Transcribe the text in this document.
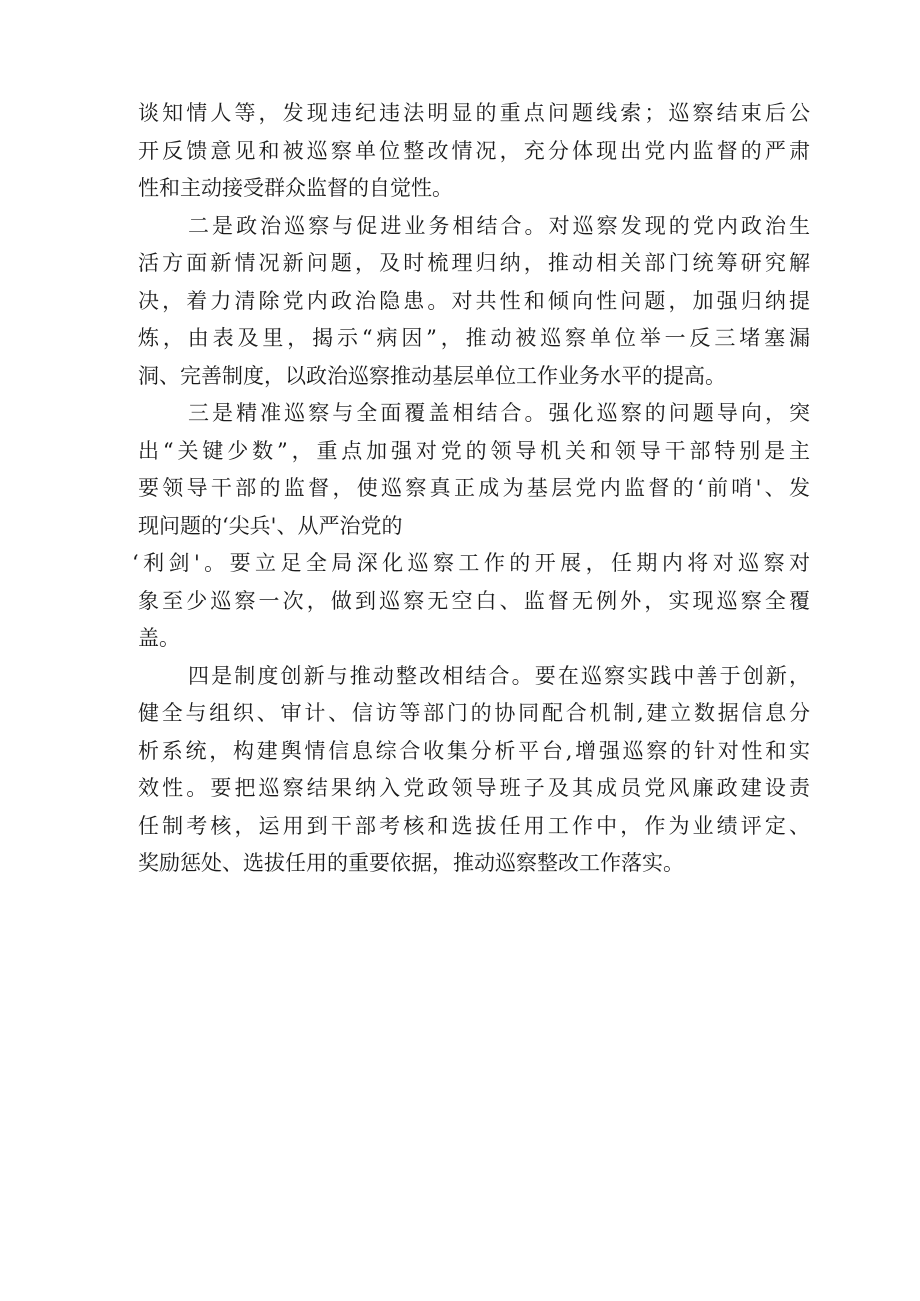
谈知情人等，发现违纪违法明显的重点问题线索；巡察结束后公
开反馈意见和被巡察单位整改情况，充分体现出党内监督的严肃
性和主动接受群众监督的自觉性。
二是政治巡察与促进业务相结合。对巡察发现的党内政治生
活方面新情况新问题，及时梳理归纳，推动相关部门统筹研究解
决，着力清除党内政治隐患。对共性和倾向性问题，加强归纳提
炼，由表及里，揭示“病因”，推动被巡察单位举一反三堵塞漏
洞、完善制度，以政治巡察推动基层单位工作业务水平的提高。
三是精准巡察与全面覆盖相结合。强化巡察的问题导向，突
出“关键少数”，重点加强对党的领导机关和领导干部特别是主
要领导干部的监督，使巡察真正成为基层党内监督的‘前哨'、发
现问题的‘尖兵'、从严治党的
‘利剑'。要立足全局深化巡察工作的开展，任期内将对巡察对
象至少巡察一次，做到巡察无空白、监督无例外，实现巡察全覆
盖。
四是制度创新与推动整改相结合。要在巡察实践中善于创新，
健全与组织、审计、信访等部门的协同配合机制,建立数据信息分
析系统，构建舆情信息综合收集分析平台,增强巡察的针对性和实
效性。要把巡察结果纳入党政领导班子及其成员党风廉政建设责
任制考核，运用到干部考核和选拔任用工作中，作为业绩评定、
奖励惩处、选拔任用的重要依据，推动巡察整改工作落实。
